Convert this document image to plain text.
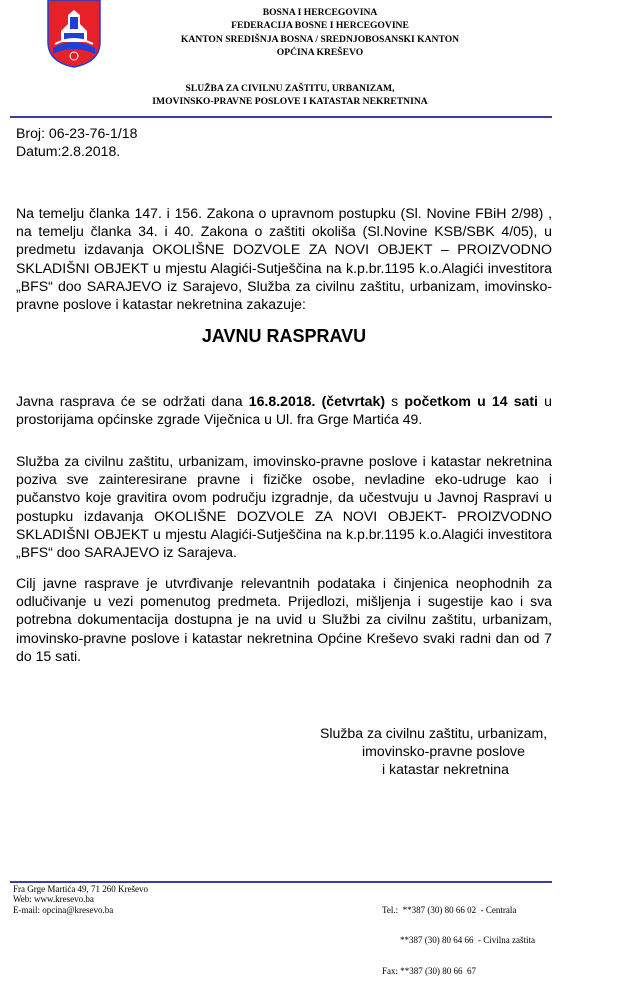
BOSNA I HERCEGOVINA
FEDERACIJA BOSNE I HERCEGOVINE
KANTON SREDIŠNJA BOSNA / SREDNJOBOSANSKI KANTON
OPĆINA KREŠEVO
SLUŽBA ZA CIVILNU ZAŠTITU, URBANIZAM,
IMOVINSKO-PRAVNE POSLOVE I KATASTAR NEKRETNINA
Broj: 06-23-76-1/18
Datum:2.8.2018.
Na temelju članka 147. i 156. Zakona o upravnom postupku (Sl. Novine FBiH 2/98) , na temelju članka 34. i 40. Zakona o zaštiti okoliša (Sl.Novine KSB/SBK 4/05), u predmetu izdavanja OKOLIŠNE DOZVOLE ZA NOVI OBJEKT – PROIZVODNO SKLADIŠNI OBJEKT u mjestu Alagići-Sutješčina na k.p.br.1195 k.o.Alagići investitora „BFS“ doo SARAJEVO iz Sarajevo, Služba za civilnu zaštitu, urbanizam, imovinsko-pravne poslove i katastar nekretnina zakazuje:
JAVNU RASPRAVU
Javna rasprava će se održati dana 16.8.2018. (četvrtak) s početkom u 14 sati u prostorijama općinske zgrade Viječnica u Ul. fra Grge Martića 49.
Služba za civilnu zaštitu, urbanizam, imovinsko-pravne poslove i katastar nekretnina poziva sve zainteresirane pravne i fizičke osobe, nevladine eko-udruge kao i pučanstvo koje gravitira ovom području izgradnje, da učestvuju u Javnoj Raspravi u postupku izdavanja OKOLIŠNE DOZVOLE ZA NOVI OBJEKT- PROIZVODNO SKLADIŠNI OBJEKT u mjestu Alagići-Sutješčina na k.p.br.1195 k.o.Alagići investitora „BFS“ doo SARAJEVO iz Sarajeva.
Cilj javne rasprave je utvrđivanje relevantnih podataka i činjenica neophodnih za odlučivanje u vezi pomenutog predmeta. Prijedlozi, mišljenja i sugestije kao i sva potrebna dokumentacija dostupna je na uvid u Službi za civilnu zaštitu, urbanizam, imovinsko-pravne poslove i katastar nekretnina Općine Kreševo svaki radni dan od 7 do 15 sati.
Služba za civilnu zaštitu, urbanizam,
imovinsko-pravne poslove
i katastar nekretnina
Fra Grge Martića 49, 71 260 Kreševo
Web: www.kresevo.ba
E-mail: opcina@kresevo.ba

	Tel.:  **387 (30) 80 66 02  - Centrala

**387 (30) 80 64 66  - Civilna zaštita

Fax: **387 (30) 80 66  67
